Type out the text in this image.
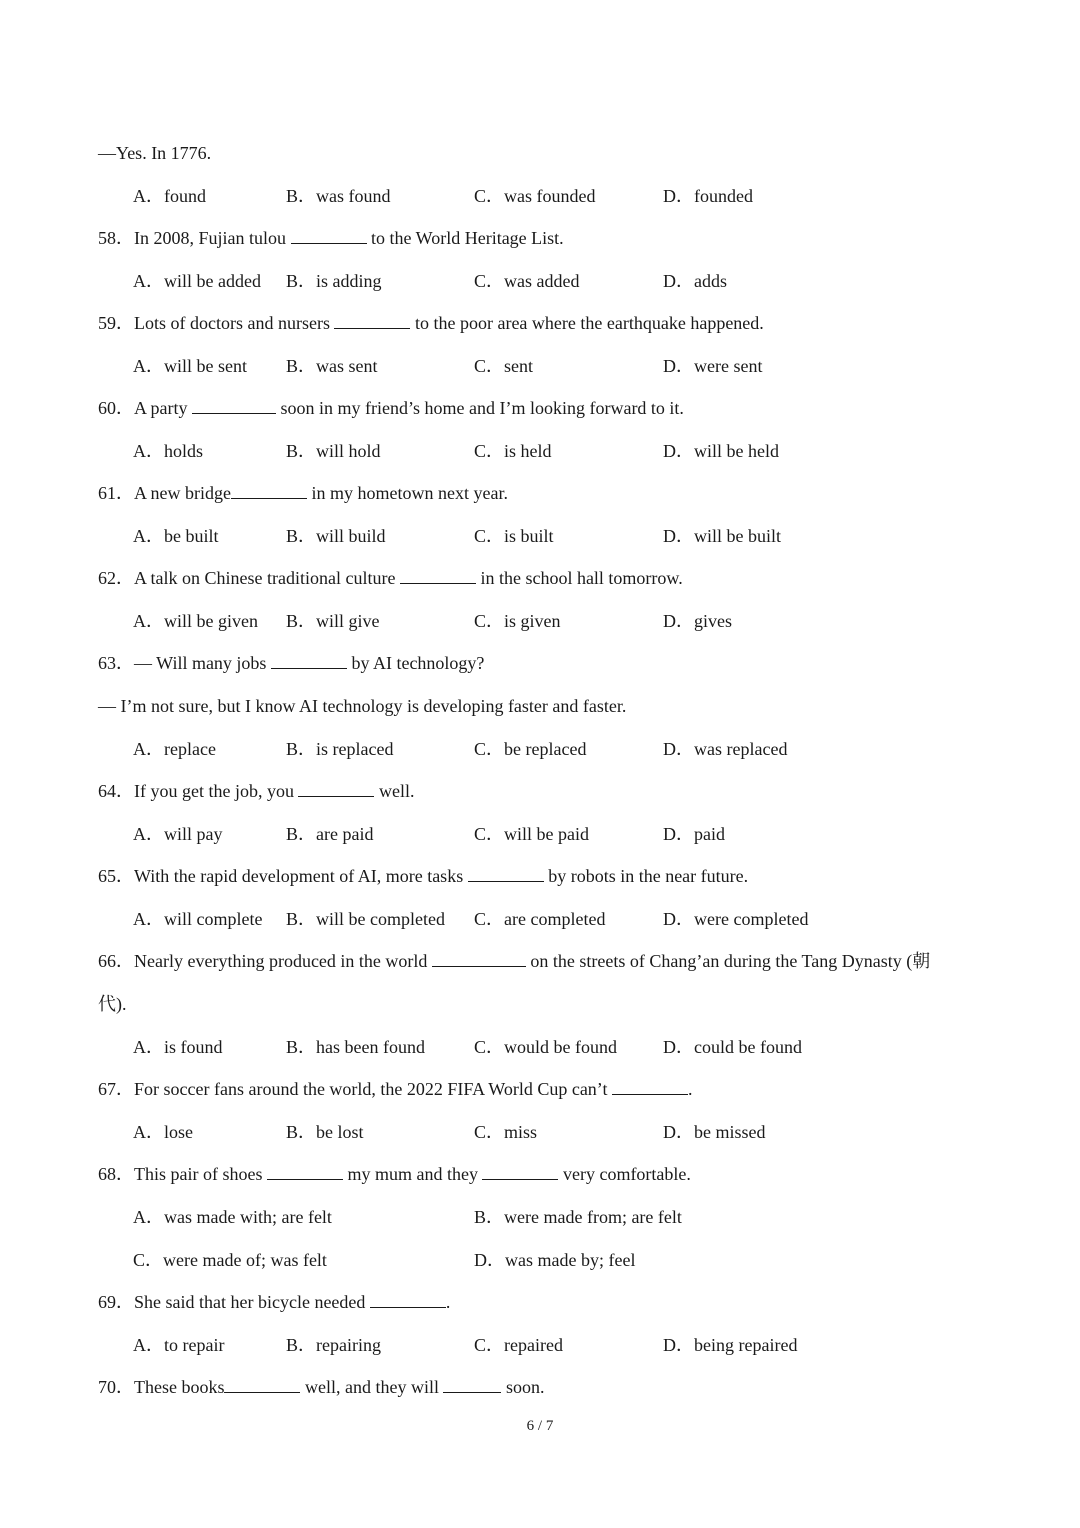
—Yes. In 1776.
A．found	B．was found	C．was founded	D．founded
58．In 2008, Fujian tulou	to the World Heritage List.
A．will be added B．is adding	C．was added	D．adds
59．Lots of doctors and nursers	to the poor area where the earthquake happened.
A．will be sent B．was sent	C．sent	D．were sent
60．A party	soon in my friend’s home and I’m looking forward to it.
A．holds	B．will hold	C．is held	D．will be held
61．A new bridge	in my hometown next year.
A．be built	B．will build	C．is built	D．will be built
62．A talk on Chinese traditional culture	in the school hall tomorrow.
A．will be given B．will give	C．is given	D．gives
63．— Will many jobs	by AI technology?
— I’m not sure, but I know AI technology is developing faster and faster.
A．replace	B．is replaced	C．be replaced	D．was replaced
64．If you get the job, you	well.
A．will pay	B．are paid	C．will be paid	D．paid
65．With the rapid development of AI, more tasks	by robots in the near future.
A．will complete B．will be completed C．are completed	D．were completed
66．Nearly everything produced in the world	on the streets of Chang’an during the Tang Dynasty (朝
代).
A．is found	B．has been found	C．would be found	D．could be found
67．For soccer fans around the world, the 2022 FIFA World Cup can’t	.
A．lose	B．be lost	C．miss	D．be missed
68．This pair of shoes	my mum and they	very comfortable.
A．was made with; are felt	B．were made from; are felt
C．were made of; was felt	D．was made by; feel
69．She said that her bicycle needed	.
A．to repair	B．repairing	C．repaired	D．being repaired
70．These books	well, and they will	soon.
6 / 7
